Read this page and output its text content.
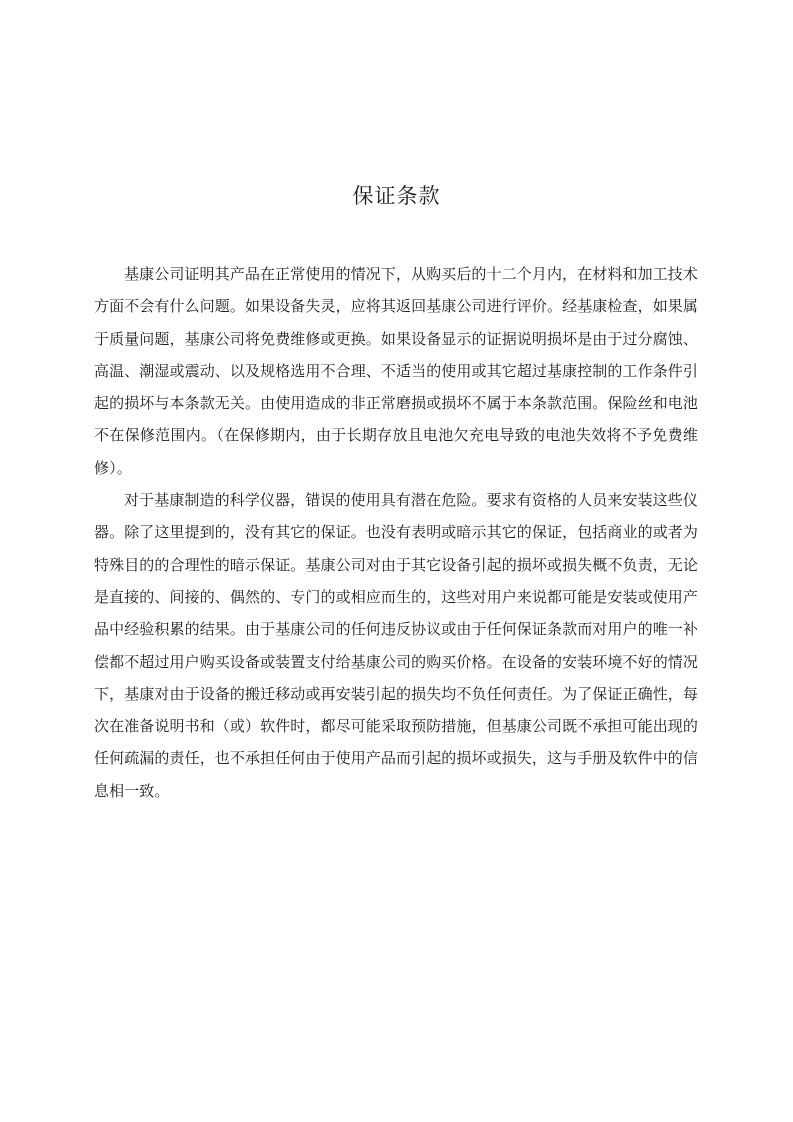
保证条款

基康公司证明其产品在正常使用的情况下，从购买后的十二个月内，在材料和加工技术方面不会有什么问题。如果设备失灵，应将其返回基康公司进行评价。经基康检查，如果属于质量问题，基康公司将免费维修或更换。如果设备显示的证据说明损坏是由于过分腐蚀、高温、潮湿或震动、以及规格选用不合理、不适当的使用或其它超过基康控制的工作条件引起的损坏与本条款无关。由使用造成的非正常磨损或损坏不属于本条款范围。保险丝和电池不在保修范围内。（在保修期内，由于长期存放且电池欠充电导致的电池失效将不予免费维修）。

对于基康制造的科学仪器，错误的使用具有潜在危险。要求有资格的人员来安装这些仪器。除了这里提到的，没有其它的保证。也没有表明或暗示其它的保证，包括商业的或者为特殊目的的合理性的暗示保证。基康公司对由于其它设备引起的损坏或损失概不负责，无论是直接的、间接的、偶然的、专门的或相应而生的，这些对用户来说都可能是安装或使用产品中经验积累的结果。由于基康公司的任何违反协议或由于任何保证条款而对用户的唯一补偿都不超过用户购买设备或装置支付给基康公司的购买价格。在设备的安装环境不好的情况下，基康对由于设备的搬迁移动或再安装引起的损失均不负任何责任。为了保证正确性，每次在准备说明书和（或）软件时，都尽可能采取预防措施，但基康公司既不承担可能出现的任何疏漏的责任，也不承担任何由于使用产品而引起的损坏或损失，这与手册及软件中的信息相一致。
